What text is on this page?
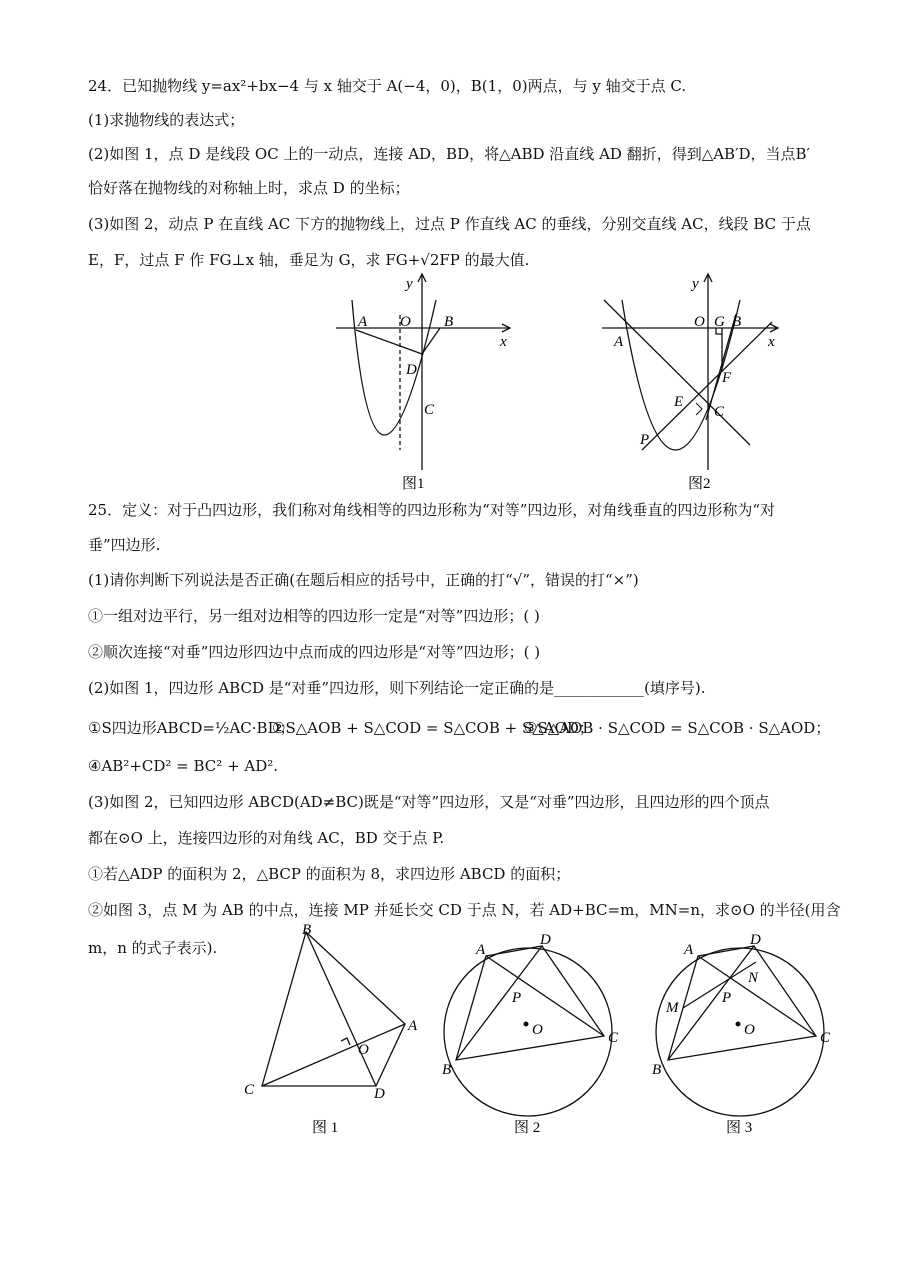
24．已知抛物线 y=ax²+bx−4 与 x 轴交于 A(−4，0)，B(1，0)两点，与 y 轴交于点 C.
(1)求抛物线的表达式；
(2)如图 1，点 D 是线段 OC 上的一动点，连接 AD，BD，将△ABD 沿直线 AD 翻折，得到△AB′D，当点B′
恰好落在抛物线的对称轴上时，求点 D 的坐标；
(3)如图 2，动点 P 在直线 AC 下方的抛物线上，过点 P 作直线 AC 的垂线，分别交直线 AC，线段 BC 于点
E，F，过点 F 作 FG⊥x 轴，垂足为 G，求 FG+√2FP 的最大值.
A O B
x
y
D
C
图1
A
O G B
x
y
F
E
C
P
图2
25．定义：对于凸四边形，我们称对角线相等的四边形称为“对等”四边形，对角线垂直的四边形称为“对
垂”四边形.
(1)请你判断下列说法是否正确(在题后相应的括号中，正确的打“√”，错误的打“×”)
①一组对边平行，另一组对边相等的四边形一定是“对等”四边形；( )
②顺次连接“对垂”四边形四边中点而成的四边形是“对等”四边形；( )
(2)如图 1，四边形 ABCD 是“对垂”四边形，则下列结论一定正确的是____________(填序号).
①S四边形ABCD=½AC·BD；
②S△AOB + S△COD = S△COB + S△AOD；
③S△AOB · S△COD = S△COB · S△AOD；
④AB²+CD² = BC² + AD².
(3)如图 2，已知四边形 ABCD(AD≠BC)既是“对等”四边形，又是“对垂”四边形，且四边形的四个顶点
都在⊙O 上，连接四边形的对角线 AC，BD 交于点 P.
①若△ADP 的面积为 2，△BCP 的面积为 8，求四边形 ABCD 的面积；
②如图 3，点 M 为 AB 的中点，连接 MP 并延长交 CD 于点 N，若 AD+BC=m，MN=n，求⊙O 的半径(用含
m，n 的式子表示).
B
A
O
C	D
图 1
A
D
P
O	C
B
图 2
A
D
N
M
P
O	C
B
图 3
